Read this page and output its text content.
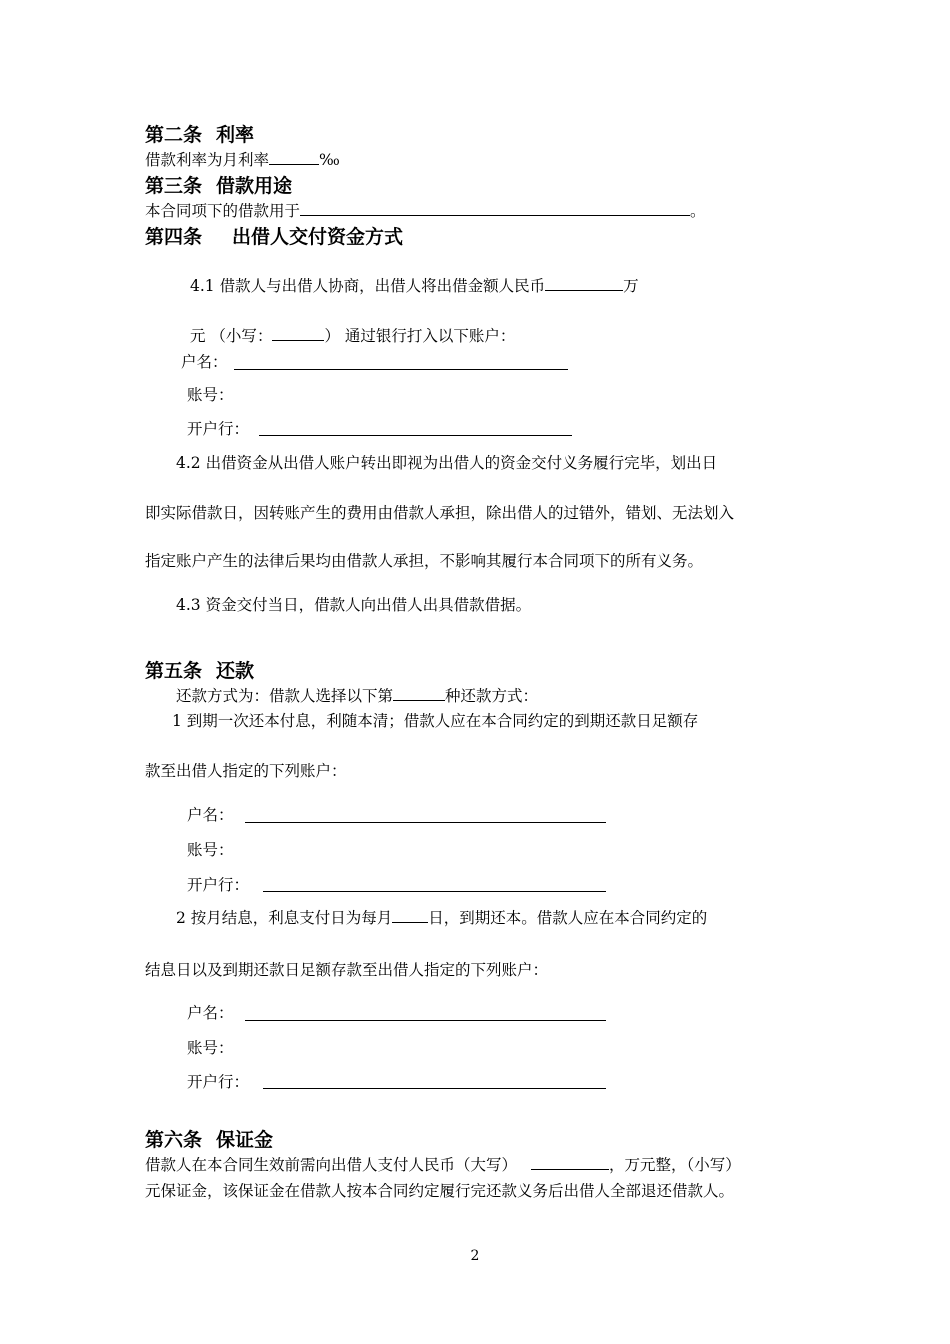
第二条 利率
借款利率为月利率	‰
第三条 借款用途
本合同项下的借款用于	。
第四条 出借人交付资金方式
4.1 借款人与出借人协商，出借人将出借金额人民币	万
元 （小写：	） 通过银行打入以下账户：
户名：
账号：
开户行：
4.2 出借资金从出借人账户转出即视为出借人的资金交付义务履行完毕，划出日
即实际借款日，因转账产生的费用由借款人承担，除出借人的过错外，错划、无法划入
指定账户产生的法律后果均由借款人承担，不影响其履行本合同项下的所有义务。
4.3 资金交付当日，借款人向出借人出具借款借据。
第五条 还款
还款方式为：借款人选择以下第	种还款方式：
1 到期一次还本付息，利随本清；借款人应在本合同约定的到期还款日足额存
款至出借人指定的下列账户：
户名：
账号：
开户行：
2 按月结息，利息支付日为每月 日，到期还本。借款人应在本合同约定的
结息日以及到期还款日足额存款至出借人指定的下列账户：
户名：
账号：
开户行：
第六条 保证金
借款人在本合同生效前需向出借人支付人民币（大写）	，万元整，（小写）
元保证金，该保证金在借款人按本合同约定履行完还款义务后出借人全部退还借款人。
2
